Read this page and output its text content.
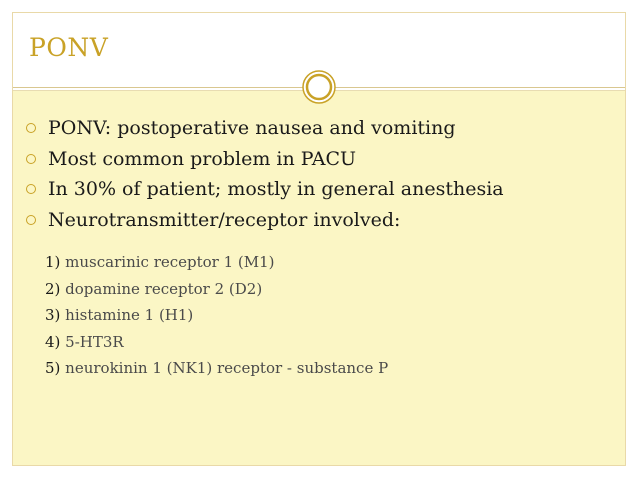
PONV
PONV: postoperative nausea and vomiting
Most common problem in PACU
In 30% of patient; mostly in general anesthesia
Neurotransmitter/receptor involved:
1) muscarinic receptor 1 (M1)
2) dopamine receptor 2 (D2)
3) histamine 1 (H1)
4) 5-HT3R
5) neurokinin 1 (NK1) receptor - substance P
